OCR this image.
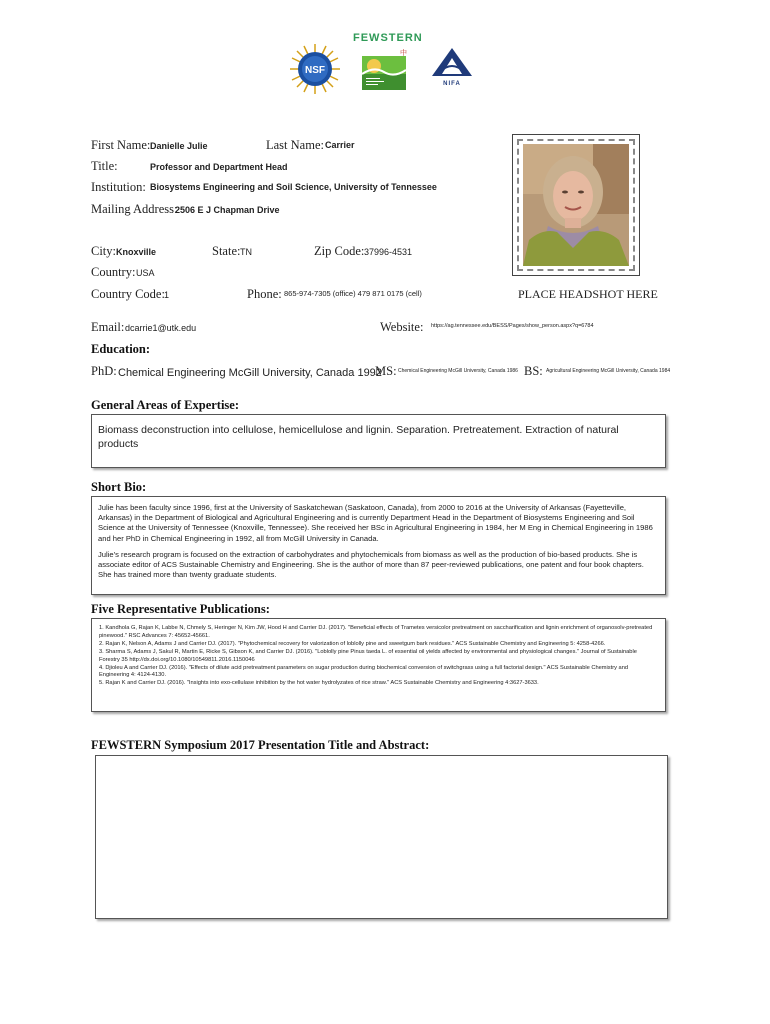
NSF
FEWSTERN
中
NIFA
First Name: Danielle Julie	Last Name: Carrier
Title:	Professor and Department Head
Institution: Biosystems Engineering and Soil Science, University of Tennessee
Mailing Address:
2506 E J Chapman Drive
City: Knoxville	State: TN	Zip Code: 37996-4531
Country: USA
Country Code: 1	Phone: 865-974-7305 (office) 479 871 0175 (cell)
Email: dcarrie1@utk.edu	Website: https://ag.tennessee.edu/BESS/Pages/show_person.aspx?q=6784
PLACE HEADSHOT HERE
Education:
PhD: Chemical Engineering McGill University, Canada 1992
MS: Chemical Engineering McGill University, Canada 1986 BS: Agricultural Engineering McGill University, Canada 1984
General Areas of Expertise:
Biomass deconstruction into cellulose, hemicellulose and lignin. Separation. Pretreatement. Extraction of natural products
Short Bio:
Julie has been faculty since 1996, first at the University of Saskatchewan (Saskatoon, Canada), from 2000 to 2016 at the University of Arkansas (Fayetteville, Arkansas) in the Department of Biological and Agricultural Engineering and is currently Department Head in the Department of Biosystems Engineering and Soil Science at the University of Tennessee (Knoxville, Tennessee). She received her BSc in Agricultural Engineering in 1984, her M Eng in Chemical Engineering in 1986 and her PhD in Chemical Engineering in 1992, all from McGill University in Canada.
Julie's research program is focused on the extraction of carbohydrates and phytochemicals from biomass as well as the production of bio-based products. She is associate editor of ACS Sustainable Chemistry and Engineering. She is the author of more than 87 peer-reviewed publications, one patent and four book chapters. She has trained more than twenty graduate students.
Five Representative Publications:
1. Kandhola G, Rajan K, Labbe N, Chmely S, Heringer N, Kim JW, Hood H and Carrier DJ. (2017). "Beneficial effects of Trametes versicolor pretreatment on saccharification and lignin enrichment of organosolv-pretreated pinewood." RSC Advances 7: 45652-45661.
2. Rajan K, Nelson A, Adams J and Carrier DJ. (2017). "Phytochemical recovery for valorization of loblolly pine and sweetgum bark residues." ACS Sustainable Chemistry and Engineering 5: 4258-4266.
3. Sharma S, Adams J, Sakul R, Martin E, Ricke S, Gibson K, and Carrier DJ. (2016). "Loblolly pine Pinus taeda L. of essential oil yields affected by environmental and physiological changes." Journal of Sustainable Forestry 35 http://dx.doi.org/10.1080/10549811.2016.1150046
4. Djioleu A and Carrier DJ. (2016). "Effects of dilute acid pretreatment parameters on sugar production during biochemical conversion of switchgrass using a full factorial design." ACS Sustainable Chemistry and Engineering 4: 4124-4130.
5. Rajan K and Carrier DJ. (2016). "Insights into exo-cellulase inhibition by the hot water hydrolyzates of rice straw." ACS Sustainable Chemistry and Engineering 4:3627-3633.
FEWSTERN Symposium 2017 Presentation Title and Abstract:
